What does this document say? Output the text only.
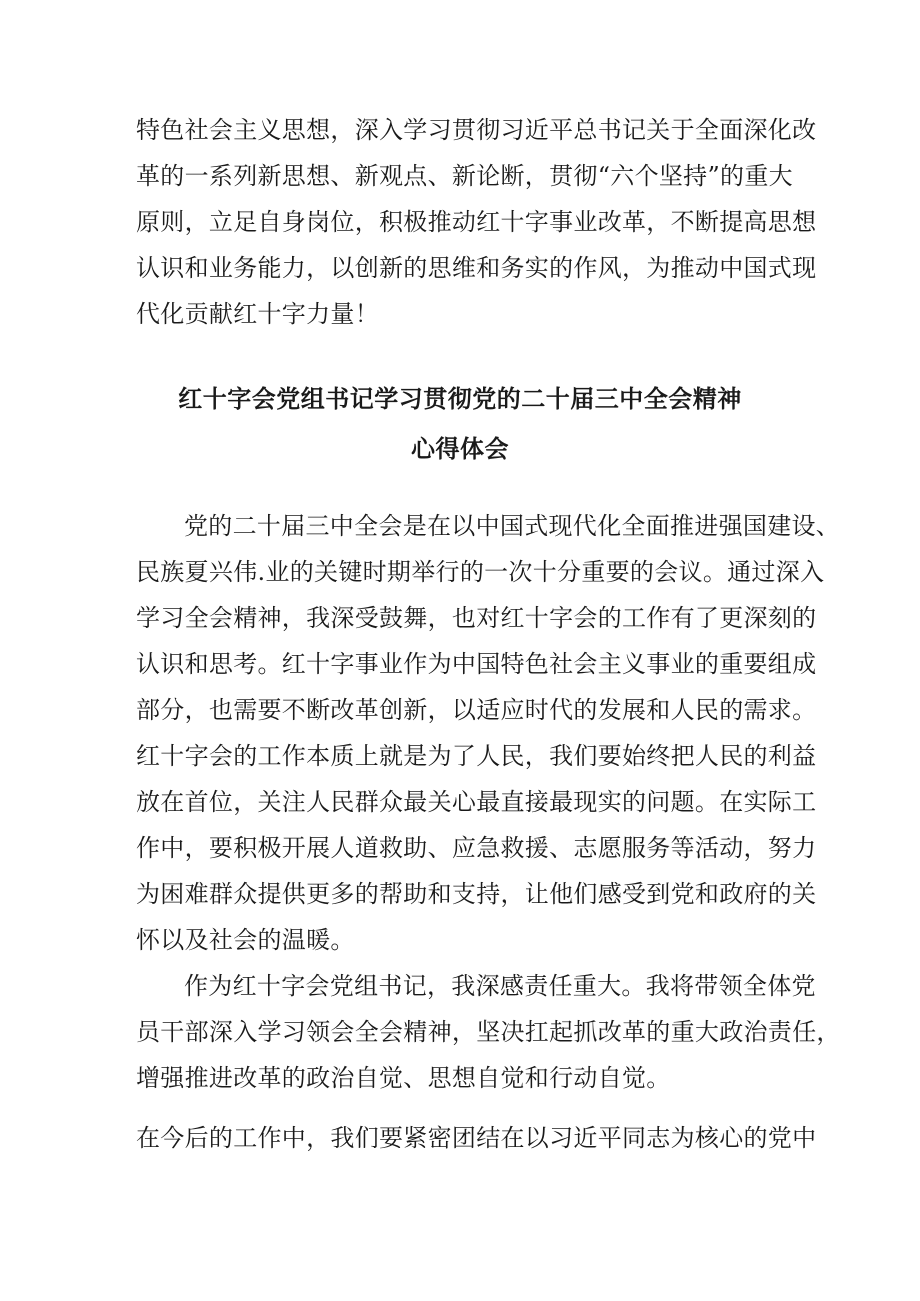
特色社会主义思想，深入学习贯彻习近平总书记关于全面深化改
革的一系列新思想、新观点、新论断，贯彻“六个坚持”的重大
原则，立足自身岗位，积极推动红十字事业改革，不断提高思想
认识和业务能力，以创新的思维和务实的作风，为推动中国式现
代化贡献红十字力量！
红十字会党组书记学习贯彻党的二十届三中全会精神
心得体会
党的二十届三中全会是在以中国式现代化全面推进强国建设、
民族夏兴伟.业的关键时期举行的一次十分重要的会议。通过深入
学习全会精神，我深受鼓舞，也对红十字会的工作有了更深刻的
认识和思考。红十字事业作为中国特色社会主义事业的重要组成
部分，也需要不断改革创新，以适应时代的发展和人民的需求。
红十字会的工作本质上就是为了人民，我们要始终把人民的利益
放在首位，关注人民群众最关心最直接最现实的问题。在实际工
作中，要积极开展人道救助、应急救援、志愿服务等活动，努力
为困难群众提供更多的帮助和支持，让他们感受到党和政府的关
怀以及社会的温暖。
作为红十字会党组书记，我深感责任重大。我将带领全体党
员干部深入学习领会全会精神，坚决扛起抓改革的重大政治责任，
增强推进改革的政治自觉、思想自觉和行动自觉。
在今后的工作中，我们要紧密团结在以习近平同志为核心的党中
